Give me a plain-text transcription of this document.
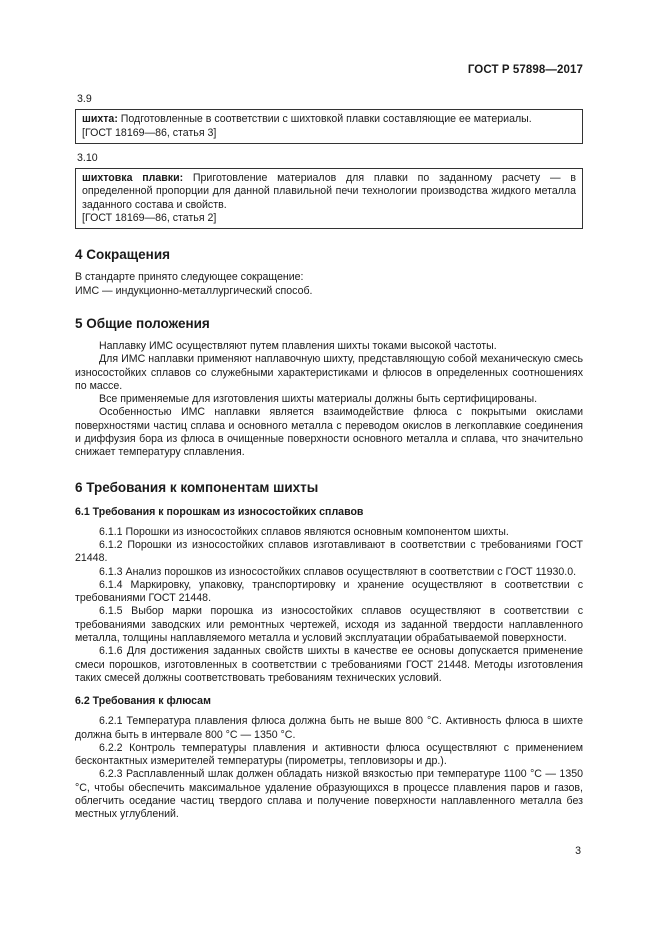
ГОСТ Р 57898—2017
3.9

шихта: Подготовленные в соответствии с шихтовкой плавки составляющие ее материалы.

[ГОСТ 18169—86, статья 3]

3.10

шихтовка плавки: Приготовление материалов для плавки по заданному расчету — в определенной пропорции для данной плавильной печи технологии производства жидкого металла заданного состава и свойств.

[ГОСТ 18169—86, статья 2]

4 Сокращения

В стандарте принято следующее сокращение:

ИМС — индукционно-металлургический способ.

5 Общие положения

Наплавку ИМС осуществляют путем плавления шихты токами высокой частоты.

Для ИМС наплавки применяют наплавочную шихту, представляющую собой механическую смесь износостойких сплавов со служебными характеристиками и флюсов в определенных соотношениях по массе.

Все применяемые для изготовления шихты материалы должны быть сертифицированы.

Особенностью ИМС наплавки является взаимодействие флюса с покрытыми окислами поверхностями частиц сплава и основного металла с переводом окислов в легкоплавкие соединения и диффузия бора из флюса в очищенные поверхности основного металла и сплава, что значительно снижает температуру сплавления.

6 Требования к компонентам шихты
6.1 Требования к порошкам из износостойких сплавов

6.1.1 Порошки из износостойких сплавов являются основным компонентом шихты.

6.1.2 Порошки из износостойких сплавов изготавливают в соответствии с требованиями ГОСТ 21448.

6.1.3 Анализ порошков из износостойких сплавов осуществляют в соответствии с ГОСТ 11930.0.

6.1.4 Маркировку, упаковку, транспортировку и хранение осуществляют в соответствии с требованиями ГОСТ 21448.

6.1.5 Выбор марки порошка из износостойких сплавов осуществляют в соответствии с требованиями заводских или ремонтных чертежей, исходя из заданной твердости наплавленного металла, толщины наплавляемого металла и условий эксплуатации обрабатываемой поверхности.

6.1.6 Для достижения заданных свойств шихты в качестве ее основы допускается применение смеси порошков, изготовленных в соответствии с требованиями ГОСТ 21448. Методы изготовления таких смесей должны соответствовать требованиям технических условий.

6.2 Требования к флюсам

6.2.1 Температура плавления флюса должна быть не выше 800 °С. Активность флюса в шихте должна быть в интервале 800 °С — 1350 °С.

6.2.2 Контроль температуры плавления и активности флюса осуществляют с применением бесконтактных измерителей температуры (пирометры, тепловизоры и др.).

6.2.3 Расплавленный шлак должен обладать низкой вязкостью при температуре 1100 °С — 1350 °С, чтобы обеспечить максимальное удаление образующихся в процессе плавления паров и газов, облегчить оседание частиц твердого сплава и получение поверхности наплавленного металла без местных углублений.

3
